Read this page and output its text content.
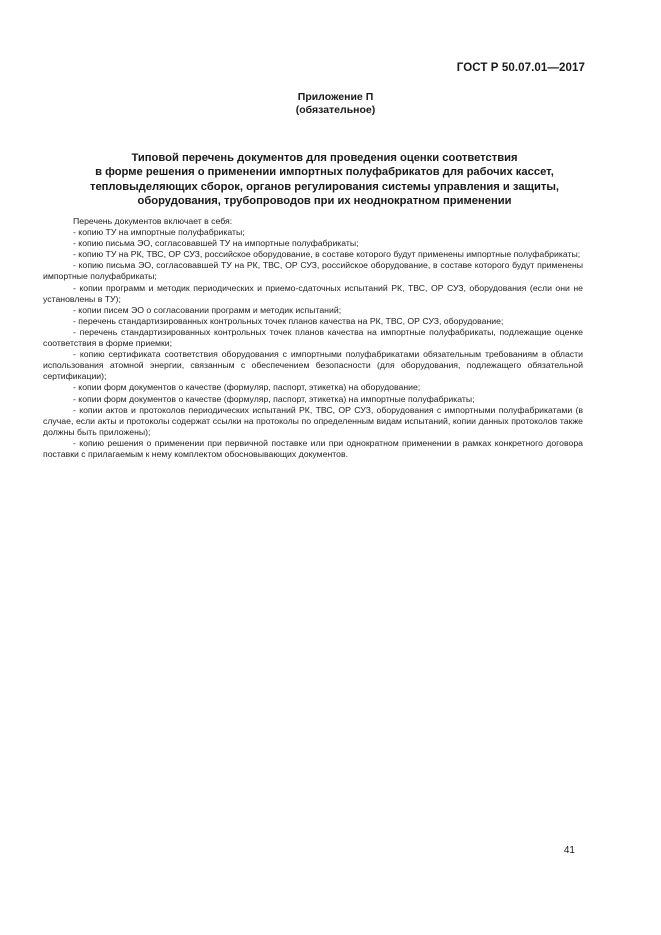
ГОСТ Р 50.07.01—2017
Приложение П
(обязательное)
Типовой перечень документов для проведения оценки соответствия
в форме решения о применении импортных полуфабрикатов для рабочих кассет,
тепловыделяющих сборок, органов регулирования системы управления и защиты,
оборудования, трубопроводов при их неоднократном применении

Перечень документов включает в себя:

- копию ТУ на импортные полуфабрикаты;

- копию письма ЭО, согласовавшей ТУ на импортные полуфабрикаты;

- копию ТУ на РК, ТВС, ОР СУЗ, российское оборудование, в составе которого будут применены импортные полуфабрикаты;

- копию письма ЭО, согласовавшей ТУ на РК, ТВС, ОР СУЗ, российское оборудование, в составе которого будут применены импортные полуфабрикаты;

- копии программ и методик периодических и приемо-сдаточных испытаний РК, ТВС, ОР СУЗ, оборудования (если они не установлены в ТУ);

- копии писем ЭО о согласовании программ и методик испытаний;

- перечень стандартизированных контрольных точек планов качества на РК, ТВС, ОР СУЗ, оборудование;

- перечень стандартизированных контрольных точек планов качества на импортные полуфабрикаты, подлежащие оценке соответствия в форме приемки;

- копию сертификата соответствия оборудования с импортными полуфабрикатами обязательным требованиям в области использования атомной энергии, связанным с обеспечением безопасности (для оборудования, подлежащего обязательной сертификации);

- копии форм документов о качестве (формуляр, паспорт, этикетка) на оборудование;

- копии форм документов о качестве (формуляр, паспорт, этикетка) на импортные полуфабрикаты;

- копии актов и протоколов периодических испытаний РК, ТВС, ОР СУЗ, оборудования с импортными полуфабрикатами (в случае, если акты и протоколы содержат ссылки на протоколы по определенным видам испытаний, копии данных протоколов также должны быть приложены);

- копию решения о применении при первичной поставке или при однократном применении в рамках конкретного договора поставки с прилагаемым к нему комплектом обосновывающих документов.

41
